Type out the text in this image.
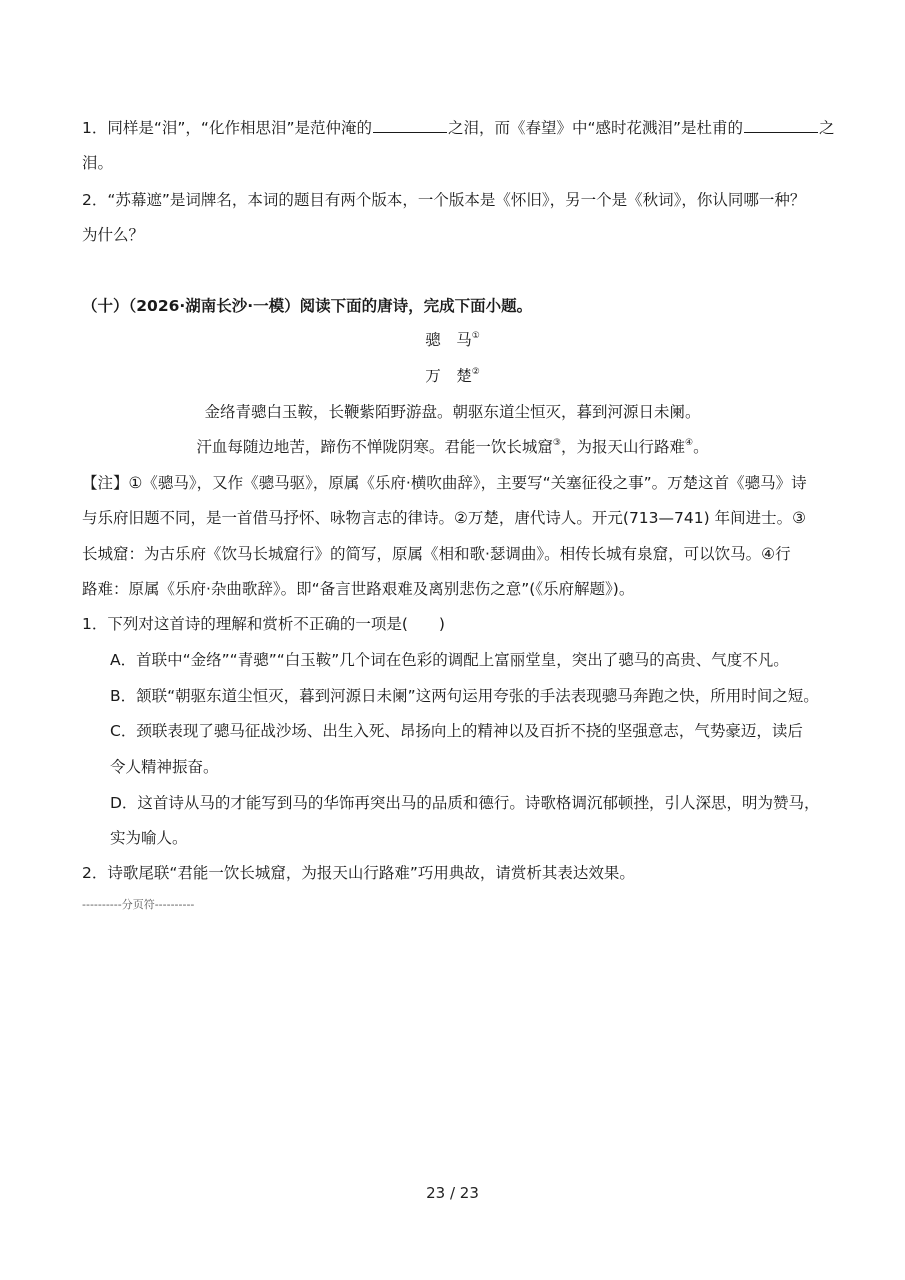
1．同样是“泪”，“化作相思泪”是范仲淹的	之泪，而《春望》中“感时花溅泪”是杜甫的	之
泪。
2．“苏幕遮”是词牌名，本词的题目有两个版本，一个版本是《怀旧》，另一个是《秋词》，你认同哪一种？
为什么？
（十）（2026·湖南长沙·一模）阅读下面的唐诗，完成下面小题。
骢　马①
万　楚②
金络青骢白玉鞍，长鞭紫陌野游盘。朝驱东道尘恒灭，暮到河源日未阑。
汗血每随边地苦，蹄伤不惮陇阴寒。君能一饮长城窟③，为报天山行路难④。
【注】①《骢马》，又作《骢马驱》，原属《乐府·横吹曲辞》，主要写“关塞征役之事”。万楚这首《骢马》诗
与乐府旧题不同，是一首借马抒怀、咏物言志的律诗。②万楚，唐代诗人。开元(713—741) 年间进士。③
长城窟：为古乐府《饮马长城窟行》的简写，原属《相和歌·瑟调曲》。相传长城有泉窟，可以饮马。④行
路难：原属《乐府·杂曲歌辞》。即“备言世路艰难及离别悲伤之意”(《乐府解题》)。
1．下列对这首诗的理解和赏析不正确的一项是(　　)
A．首联中“金络”“青骢”“白玉鞍”几个词在色彩的调配上富丽堂皇，突出了骢马的高贵、气度不凡。
B．颔联“朝驱东道尘恒灭，暮到河源日未阑”这两句运用夸张的手法表现骢马奔跑之快，所用时间之短。
C．颈联表现了骢马征战沙场、出生入死、昂扬向上的精神以及百折不挠的坚强意志，气势豪迈，读后
令人精神振奋。
D．这首诗从马的才能写到马的华饰再突出马的品质和德行。诗歌格调沉郁顿挫，引人深思，明为赞马，
实为喻人。
2．诗歌尾联“君能一饮长城窟，为报天山行路难”巧用典故，请赏析其表达效果。
----------分页符----------
23 / 23
